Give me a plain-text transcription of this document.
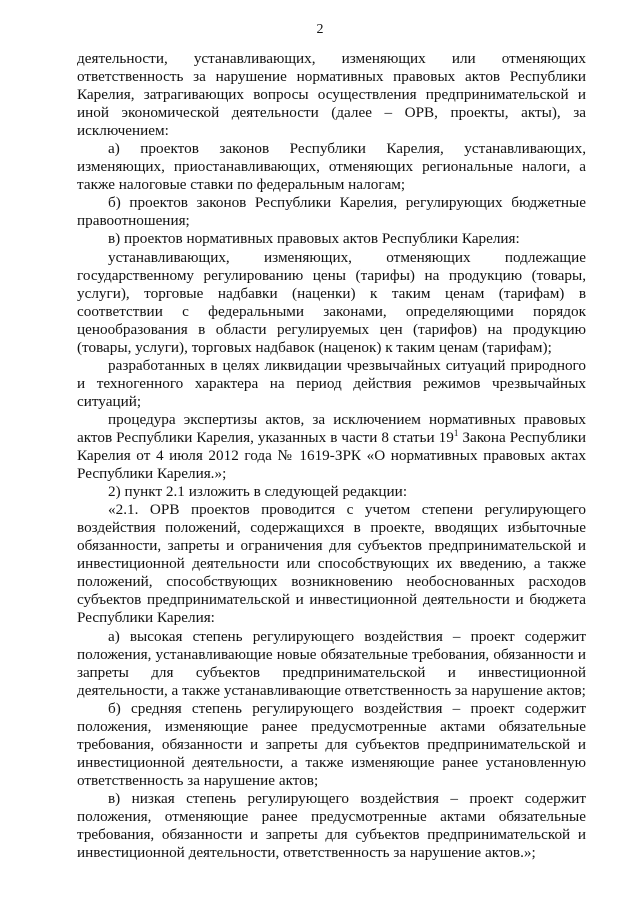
2

деятельности, устанавливающих, изменяющих или отменяющих ответственность за нарушение нормативных правовых актов Республики Карелия, затрагивающих вопросы осуществления предпринимательской и иной экономической деятельности (далее – ОРВ, проекты, акты), за исключением:

а) проектов законов Республики Карелия, устанавливающих, изменяющих, приостанавливающих, отменяющих региональные налоги, а также налоговые ставки по федеральным налогам;

б) проектов законов Республики Карелия, регулирующих бюджетные правоотношения;

в) проектов нормативных правовых актов Республики Карелия:

устанавливающих, изменяющих, отменяющих подлежащие государственному регулированию цены (тарифы) на продукцию (товары, услуги), торговые надбавки (наценки) к таким ценам (тарифам) в соответствии с федеральными законами, определяющими порядок ценообразования в области регулируемых цен (тарифов) на продукцию (товары, услуги), торговых надбавок (наценок) к таким ценам (тарифам);

разработанных в целях ликвидации чрезвычайных ситуаций природного и техногенного характера на период действия режимов чрезвычайных ситуаций;

процедура экспертизы актов, за исключением нормативных правовых актов Республики Карелия, указанных в части 8 статьи $19^1$ Закона Республики Карелия от 4 июля 2012 года № 1619-ЗРК «О нормативных правовых актах Республики Карелия.»;

2) пункт 2.1 изложить в следующей редакции:

«2.1. ОРВ проектов проводится с учетом степени регулирующего воздействия положений, содержащихся в проекте, вводящих избыточные обязанности, запреты и ограничения для субъектов предпринимательской и инвестиционной деятельности или способствующих их введению, а также положений, способствующих возникновению необоснованных расходов субъектов предпринимательской и инвестиционной деятельности и бюджета Республики Карелия:

а) высокая степень регулирующего воздействия – проект содержит положения, устанавливающие новые обязательные требования, обязанности и запреты для субъектов предпринимательской и инвестиционной деятельности, а также устанавливающие ответственность за нарушение актов;

б) средняя степень регулирующего воздействия – проект содержит положения, изменяющие ранее предусмотренные актами обязательные требования, обязанности и запреты для субъектов предпринимательской и инвестиционной деятельности, а также изменяющие ранее установленную ответственность за нарушение актов;

в) низкая степень регулирующего воздействия – проект содержит положения, отменяющие ранее предусмотренные актами обязательные требования, обязанности и запреты для субъектов предпринимательской и инвестиционной деятельности, ответственность за нарушение актов.»;
